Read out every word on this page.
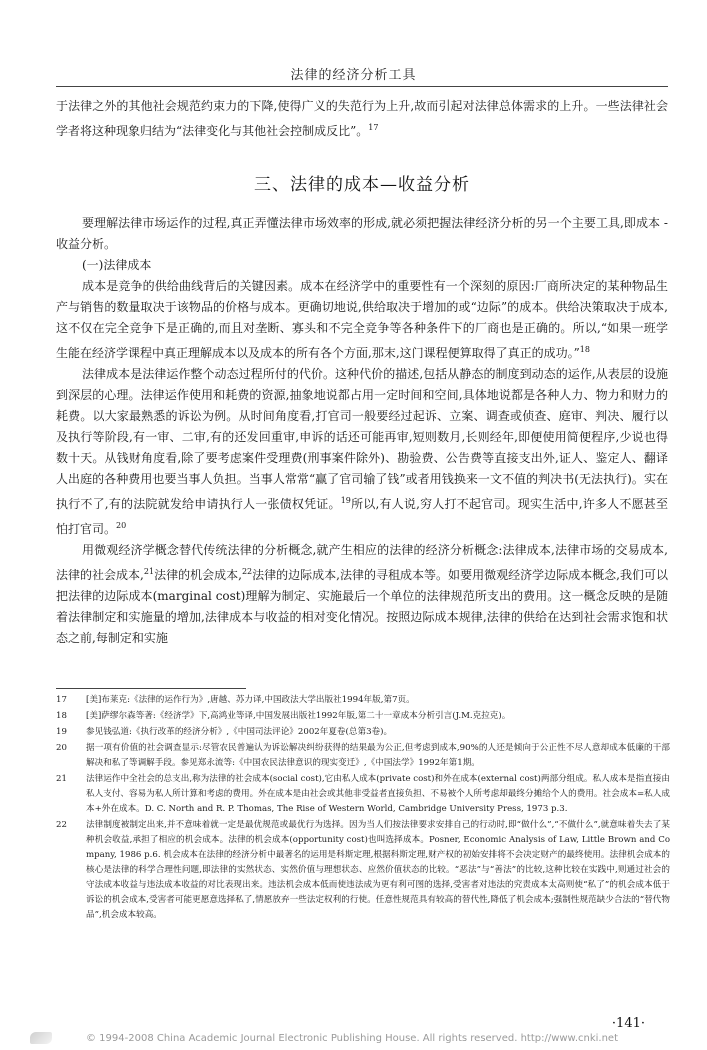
法律的经济分析工具

于法律之外的其他社会规范约束力的下降,使得广义的失范行为上升,故而引起对法律总体需求的上升。一些法律社会学者将这种现象归结为“法律变化与其他社会控制成反比”。$^{17}$

三、法律的成本—收益分析

要理解法律市场运作的过程,真正弄懂法律市场效率的形成,就必须把握法律经济分析的另一个主要工具,即成本 - 收益分析。

(一)法律成本

成本是竞争的供给曲线背后的关键因素。成本在经济学中的重要性有一个深刻的原因:厂商所决定的某种物品生产与销售的数量取决于该物品的价格与成本。更确切地说,供给取决于增加的或“边际”的成本。供给决策取决于成本,这不仅在完全竞争下是正确的,而且对垄断、寡头和不完全竞争等各种条件下的厂商也是正确的。所以,“如果一班学生能在经济学课程中真正理解成本以及成本的所有各个方面,那末,这门课程便算取得了真正的成功。”$^{18}$

法律成本是法律运作整个动态过程所付的代价。这种代价的描述,包括从静态的制度到动态的运作,从表层的设施到深层的心理。法律运作使用和耗费的资源,抽象地说都占用一定时间和空间,具体地说都是各种人力、物力和财力的耗费。以大家最熟悉的诉讼为例。从时间角度看,打官司一般要经过起诉、立案、调查或侦查、庭审、判决、履行以及执行等阶段,有一审、二审,有的还发回重审,申诉的话还可能再审,短则数月,长则经年,即便使用简便程序,少说也得数十天。从钱财角度看,除了要考虑案件受理费(刑事案件除外)、勘验费、公告费等直接支出外,证人、鉴定人、翻译人出庭的各种费用也要当事人负担。当事人常常“赢了官司输了钱”或者用钱换来一文不值的判决书(无法执行)。实在执行不了,有的法院就发给申请执行人一张债权凭证。$^{19}$所以,有人说,穷人打不起官司。现实生活中,许多人不愿甚至怕打官司。$^{20}$

用微观经济学概念替代传统法律的分析概念,就产生相应的法律的经济分析概念:法律成本,法律市场的交易成本,法律的社会成本,$^{21}$法律的机会成本,$^{22}$法律的边际成本,法律的寻租成本等。如要用微观经济学边际成本概念,我们可以把法律的边际成本(marginal cost)理解为制定、实施最后一个单位的法律规范所支出的费用。这一概念反映的是随着法律制定和实施量的增加,法律成本与收益的相对变化情况。按照边际成本规律,法律的供给在达到社会需求饱和状态之前,每制定和实施

17	[美]布莱克:《法律的运作行为》,唐越、苏力译,中国政法大学出版社1994年版,第7页。
18	[美]萨缪尔森等著:《经济学》下,高鸿业等译,中国发展出版社1992年版,第二十一章成本分析引言(J.M.克拉克)。
19	参见钱弘道:《执行改革的经济分析》,《中国司法评论》2002年夏卷(总第3卷)。
20	据一项有价值的社会调查显示:尽管农民普遍认为诉讼解决纠纷获得的结果最为公正,但考虑到成本,90%的人还是倾向于公正性不尽人意却成本低廉的干部解决和私了等调解手段。参见郑永流等:《中国农民法律意识的现实变迁》,《中国法学》1992年第1期。
21	法律运作中全社会的总支出,称为法律的社会成本(social cost),它由私人成本(private cost)和外在成本(external cost)两部分组成。私人成本是指直接由私人支付、容易为私人所计算和考虑的费用。外在成本是由社会或其他非受益者直接负担、不易被个人所考虑却最终分摊给个人的费用。社会成本=私人成本+外在成本。D. C. North and R. P. Thomas, The Rise of Western World, Cambridge University Press, 1973 p.3.
22	法律制度被制定出来,并不意味着就一定是最优规范或最优行为选择。因为当人们按法律要求安排自己的行动时,即“做什么”,“不做什么”,就意味着失去了某种机会收益,承担了相应的机会成本。法律的机会成本(opportunity cost)也叫选择成本。Posner, Economic Analysis of Law, Little Brown and Company, 1986 p.6. 机会成本在法律的经济分析中最著名的运用是科斯定理,根据科斯定理,财产权的初始安排将不会决定财产的最终使用。法律机会成本的核心是法律的科学合理性问题,即法律的实然状态、实然价值与理想状态、应然价值状态的比较。“恶法”与“善法”的比较,这种比较在实践中,则通过社会的守法成本收益与违法成本收益的对比表现出来。违法机会成本低而使违法成为更有利可图的选择,受害者对违法的究责成本太高则使“私了”的机会成本低于诉讼的机会成本,受害者可能更愿意选择私了,情愿放弃一些法定权利的行使。任意性规范具有较高的替代性,降低了机会成本;强制性规范缺少合法的“替代物品”,机会成本较高。
·141·
© 1994-2008 China Academic Journal Electronic Publishing House. All rights reserved. http://www.cnki.net
